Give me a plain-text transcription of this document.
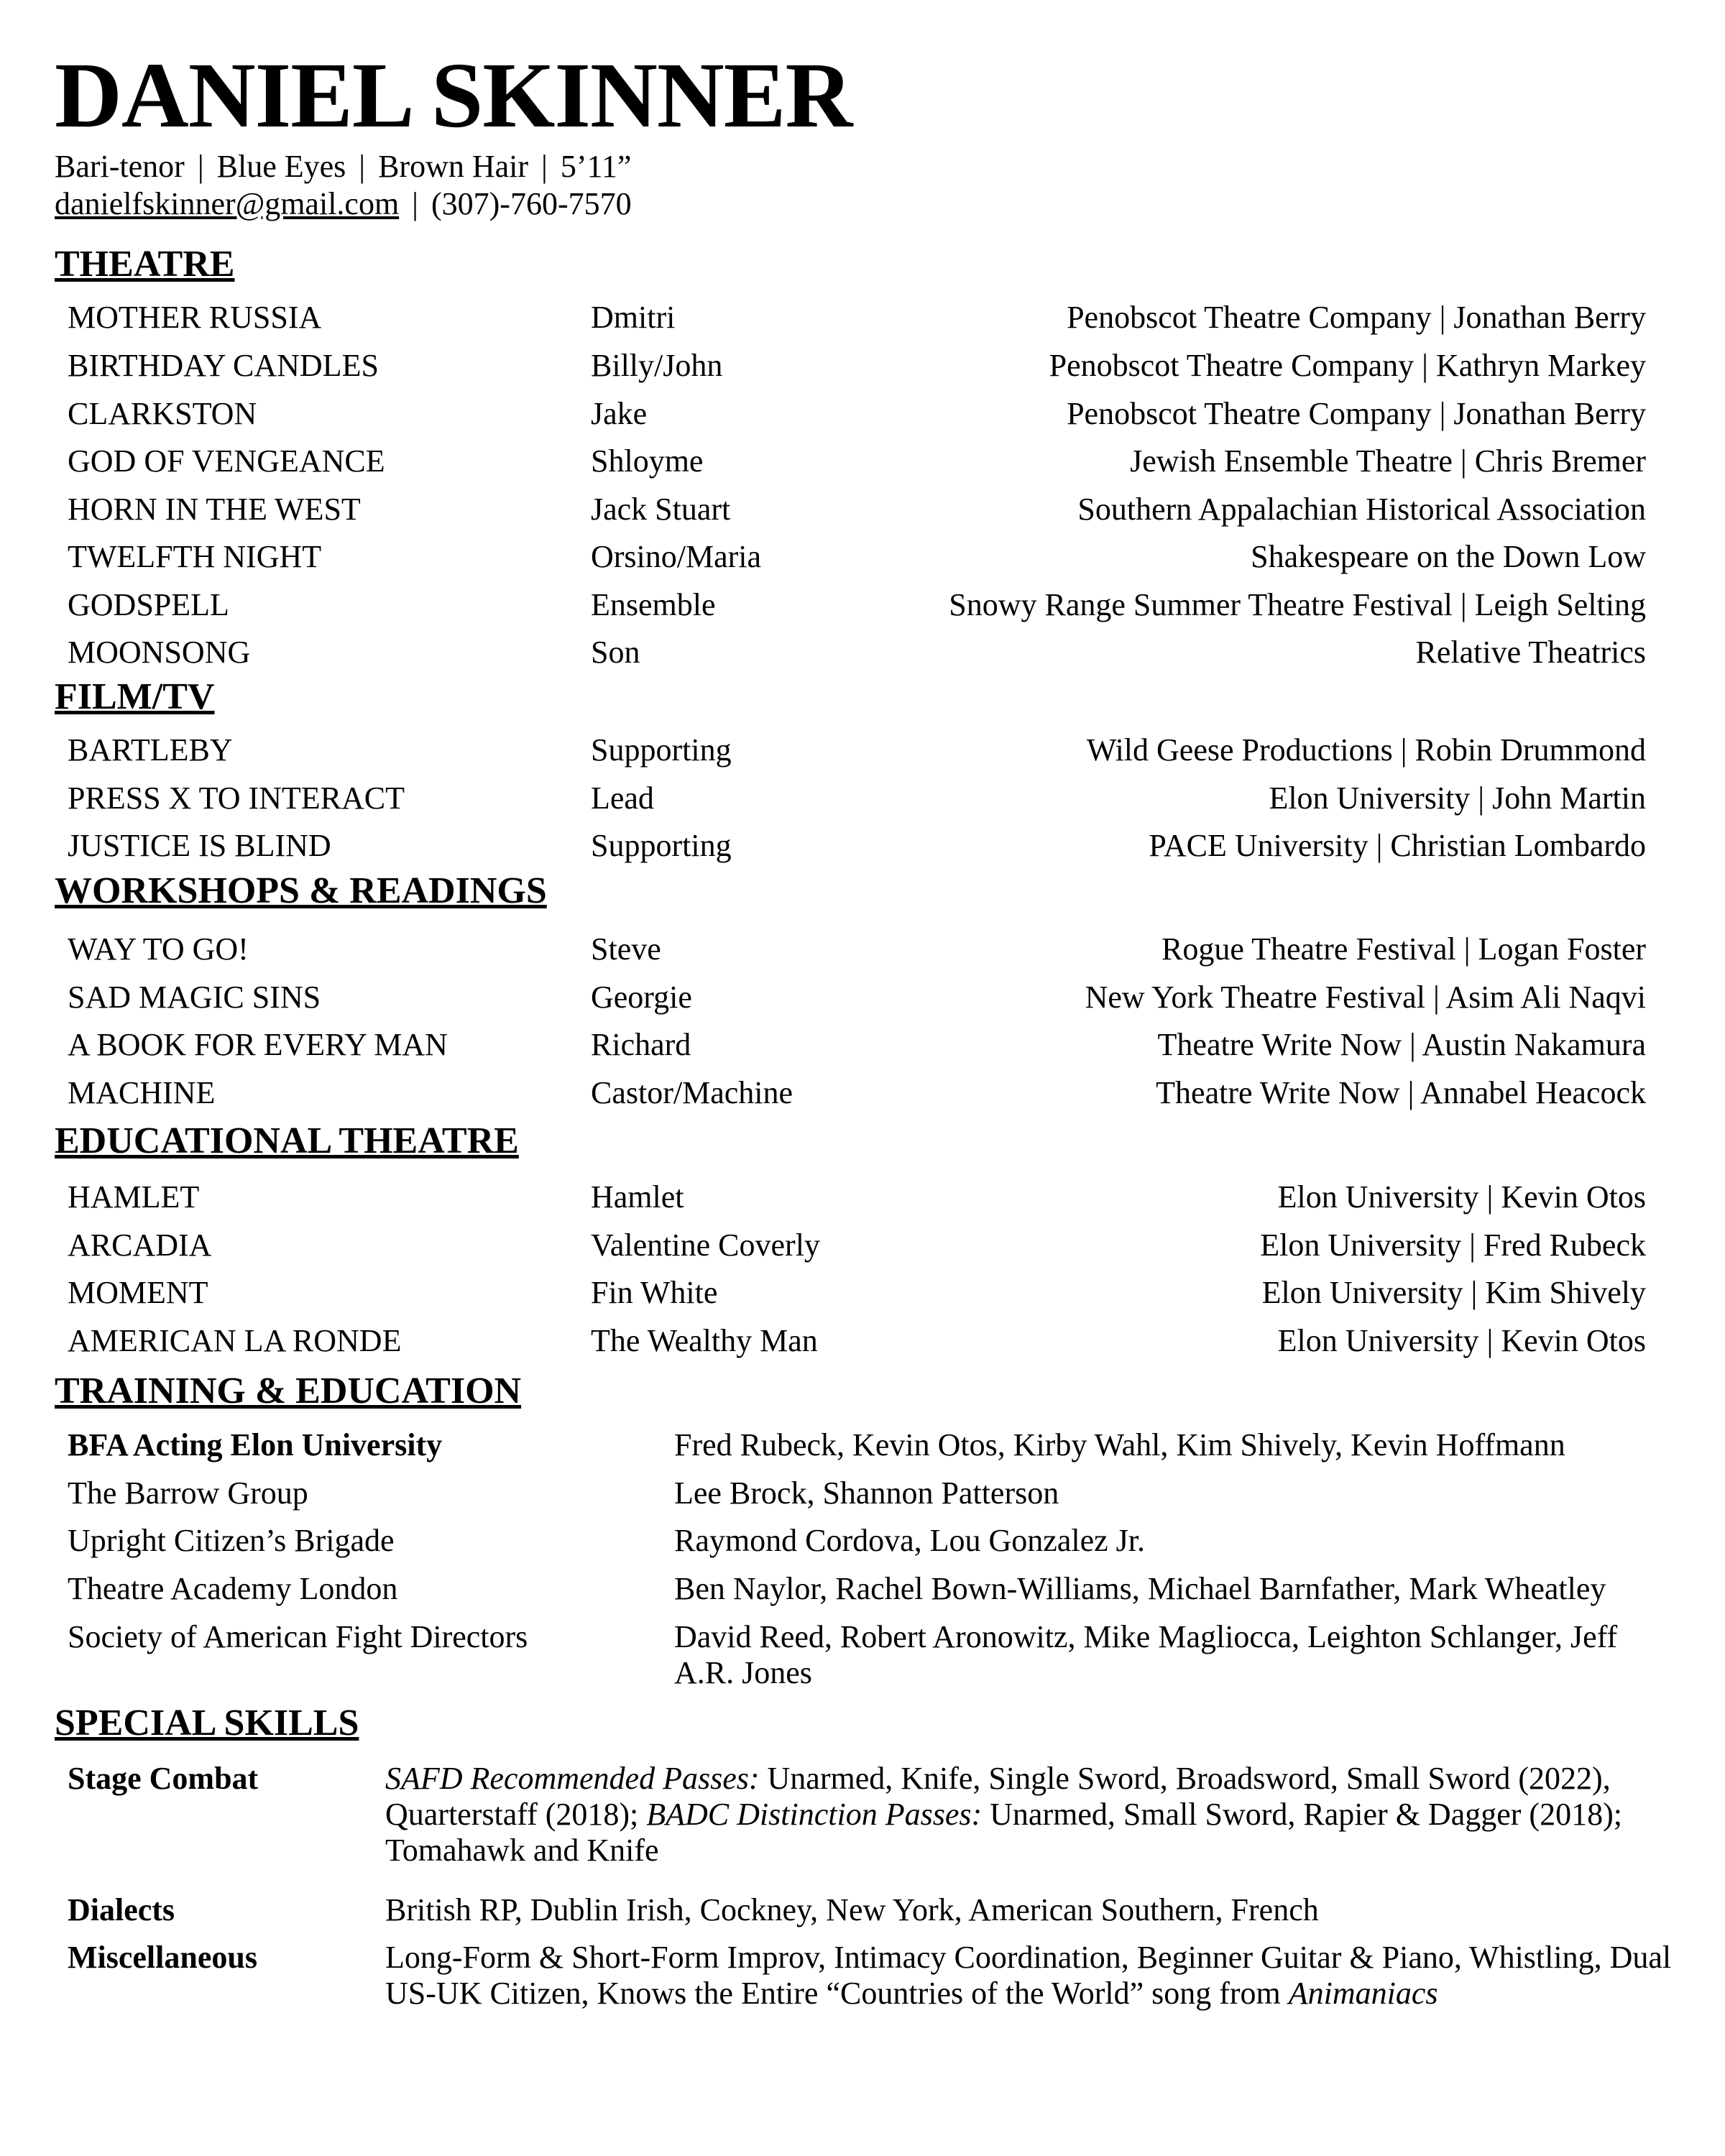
DANIEL SKINNER
Bari-tenor | Blue Eyes | Brown Hair | 5’11”
danielfskinner@gmail.com | (307)-760-7570
THEATRE
MOTHER RUSSIA	Dmitri	Penobscot Theatre Company | Jonathan Berry
BIRTHDAY CANDLES	Billy/John	Penobscot Theatre Company | Kathryn Markey
CLARKSTON	Jake	Penobscot Theatre Company | Jonathan Berry
GOD OF VENGEANCE	Shloyme	Jewish Ensemble Theatre | Chris Bremer
HORN IN THE WEST	Jack Stuart	Southern Appalachian Historical Association
TWELFTH NIGHT	Orsino/Maria	Shakespeare on the Down Low
GODSPELL	Ensemble	Snowy Range Summer Theatre Festival | Leigh Selting
MOONSONG	Son	Relative Theatrics
FILM/TV
BARTLEBY	Supporting	Wild Geese Productions | Robin Drummond
PRESS X TO INTERACT	Lead	Elon University | John Martin
JUSTICE IS BLIND	Supporting	PACE University | Christian Lombardo
WORKSHOPS & READINGS
WAY TO GO!	Steve	Rogue Theatre Festival | Logan Foster
SAD MAGIC SINS	Georgie	New York Theatre Festival | Asim Ali Naqvi
A BOOK FOR EVERY MAN	Richard	Theatre Write Now | Austin Nakamura
MACHINE	Castor/Machine	Theatre Write Now | Annabel Heacock
EDUCATIONAL THEATRE
HAMLET	Hamlet	Elon University | Kevin Otos
ARCADIA	Valentine Coverly	Elon University | Fred Rubeck
MOMENT	Fin White	Elon University | Kim Shively
AMERICAN LA RONDE	The Wealthy Man	Elon University | Kevin Otos
TRAINING & EDUCATION
BFA Acting Elon University	Fred Rubeck, Kevin Otos, Kirby Wahl, Kim Shively, Kevin Hoffmann
The Barrow Group	Lee Brock, Shannon Patterson
Upright Citizen’s Brigade	Raymond Cordova, Lou Gonzalez Jr.
Theatre Academy London	Ben Naylor, Rachel Bown-Williams, Michael Barnfather, Mark Wheatley
Society of American Fight Directors	David Reed, Robert Aronowitz, Mike Magliocca, Leighton Schlanger, Jeff A.R. Jones
SPECIAL SKILLS
Stage Combat	SAFD Recommended Passes: Unarmed, Knife, Single Sword, Broadsword, Small Sword (2022), Quarterstaff (2018); BADC Distinction Passes: Unarmed, Small Sword, Rapier & Dagger (2018); Tomahawk and Knife
Dialects	British RP, Dublin Irish, Cockney, New York, American Southern, French
Miscellaneous	Long-Form & Short-Form Improv, Intimacy Coordination, Beginner Guitar & Piano, Whistling, Dual US-UK Citizen, Knows the Entire “Countries of the World” song from Animaniacs
